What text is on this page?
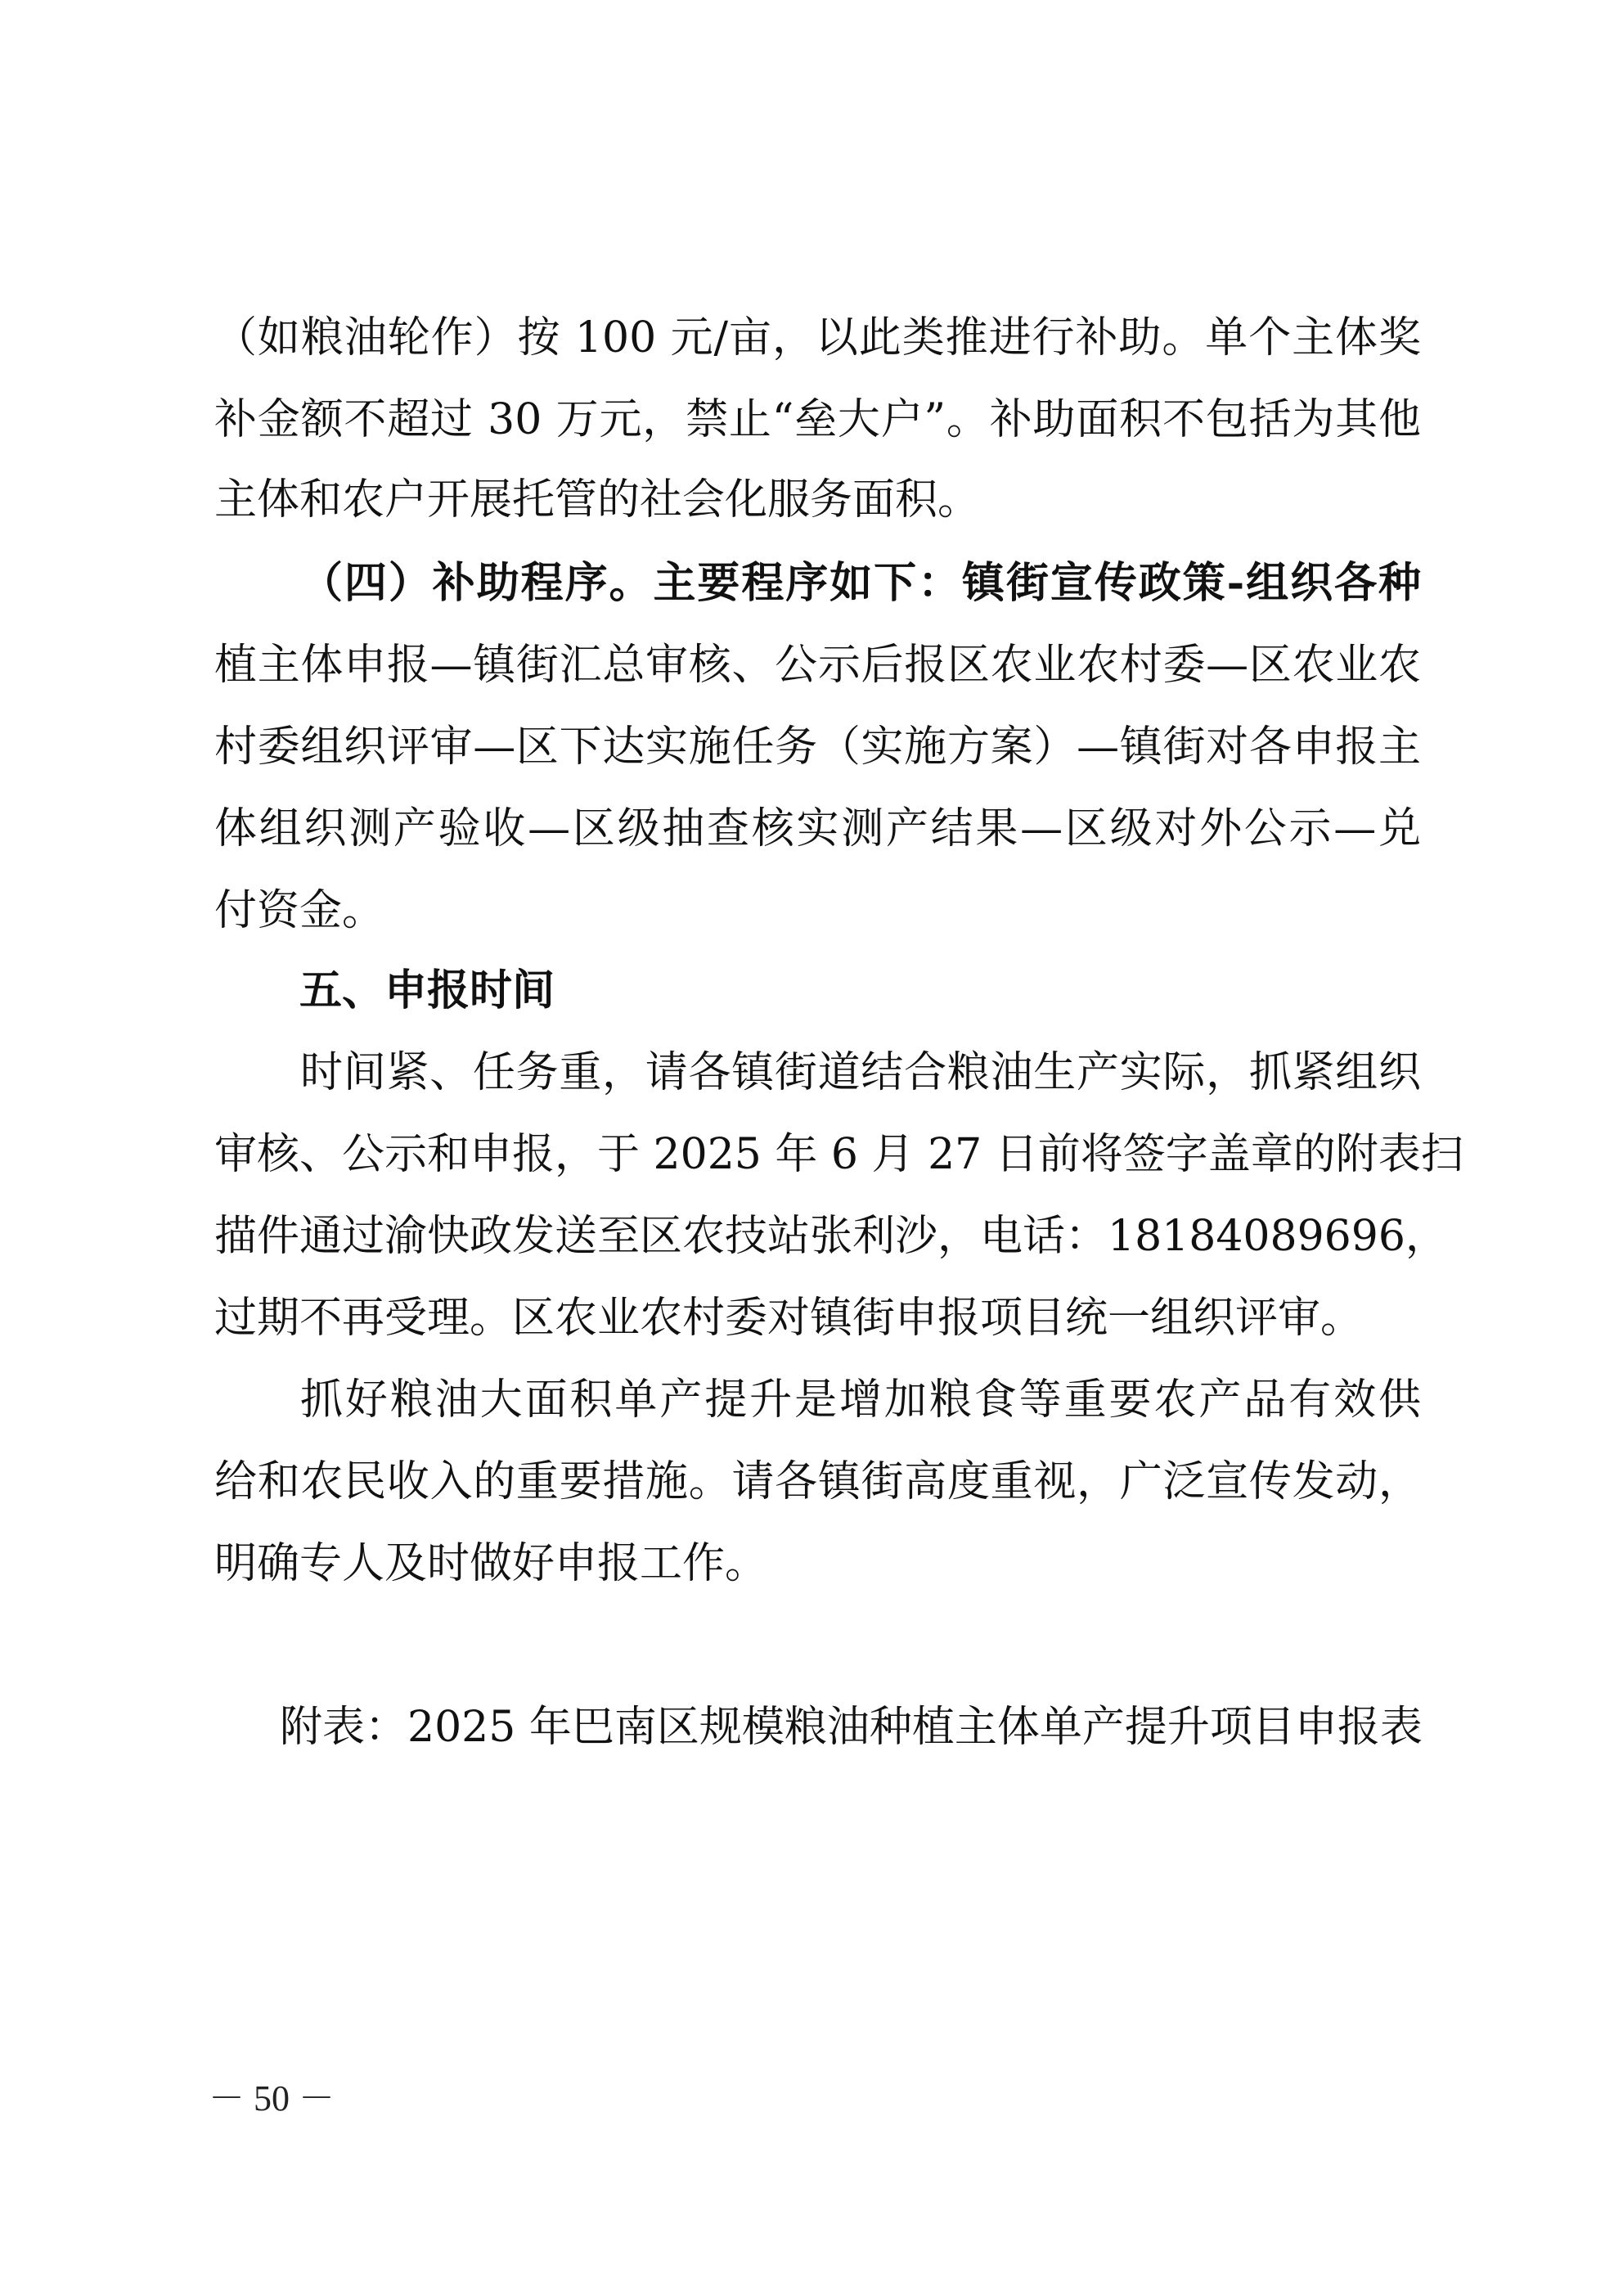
（如粮油轮作）按 100 元/亩，以此类推进行补助。单个主体奖
补金额不超过 30 万元，禁止“垒大户”。补助面积不包括为其他
主体和农户开展托管的社会化服务面积。
（四）补助程序。主要程序如下：镇街宣传政策-组织各种
植主体申报—镇街汇总审核、公示后报区农业农村委—区农业农
村委组织评审—区下达实施任务（实施方案）—镇街对各申报主
体组织测产验收—区级抽查核实测产结果—区级对外公示—兑
付资金。
五、申报时间
时间紧、任务重，请各镇街道结合粮油生产实际，抓紧组织
审核、公示和申报，于 2025 年 6 月 27 日前将签字盖章的附表扫
描件通过渝快政发送至区农技站张利沙，电话：18184089696，
过期不再受理。区农业农村委对镇街申报项目统一组织评审。
抓好粮油大面积单产提升是增加粮食等重要农产品有效供
给和农民收入的重要措施。请各镇街高度重视，广泛宣传发动，
明确专人及时做好申报工作。
附表：2025 年巴南区规模粮油种植主体单产提升项目申报表
－ 50 －
